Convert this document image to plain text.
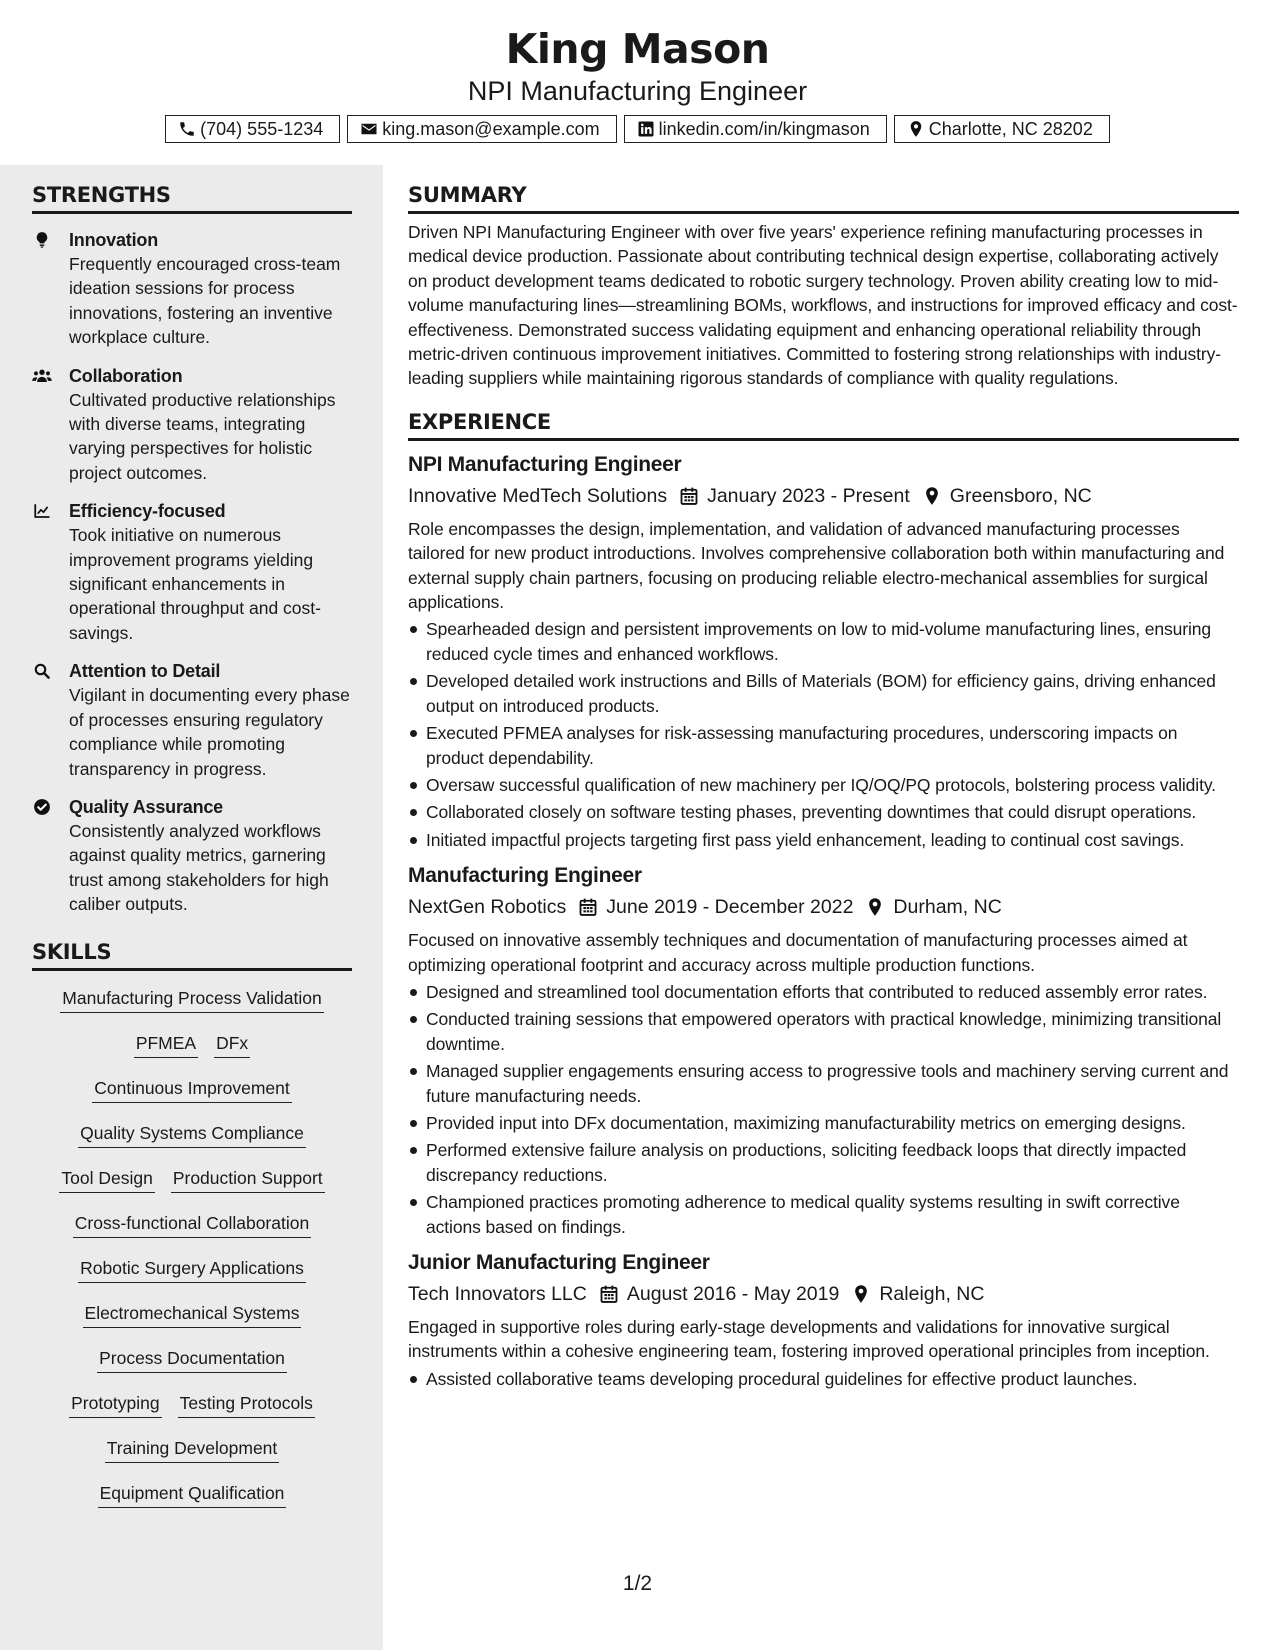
King Mason
NPI Manufacturing Engineer
(704) 555-1234	king.mason@example.com	linkedin.com/in/kingmason	Charlotte, NC 28202
STRENGTHS
Innovation
Frequently encouraged cross-team ideation sessions for process innovations, fostering an inventive workplace culture.
Collaboration
Cultivated productive relationships with diverse teams, integrating varying perspectives for holistic project outcomes.
Efficiency-focused
Took initiative on numerous improvement programs yielding significant enhancements in operational throughput and cost-savings.
Attention to Detail
Vigilant in documenting every phase of processes ensuring regulatory compliance while promoting transparency in progress.
Quality Assurance
Consistently analyzed workflows against quality metrics, garnering trust among stakeholders for high caliber outputs.
SKILLS
Manufacturing Process Validation
PFMEA DFx
Continuous Improvement
Quality Systems Compliance
Tool Design Production Support
Cross-functional Collaboration
Robotic Surgery Applications
Electromechanical Systems
Process Documentation
Prototyping Testing Protocols
Training Development
Equipment Qualification
SUMMARY
Driven NPI Manufacturing Engineer with over five years' experience refining manufacturing processes in medical device production. Passionate about contributing technical design expertise, collaborating actively on product development teams dedicated to robotic surgery technology. Proven ability creating low to mid-volume manufacturing lines—streamlining BOMs, workflows, and instructions for improved efficacy and cost-effectiveness. Demonstrated success validating equipment and enhancing operational reliability through metric-driven continuous improvement initiatives. Committed to fostering strong relationships with industry-leading suppliers while maintaining rigorous standards of compliance with quality regulations.
EXPERIENCE
NPI Manufacturing Engineer
Innovative MedTech Solutions January 2023 - Present Greensboro, NC
Role encompasses the design, implementation, and validation of advanced manufacturing processes tailored for new product introductions. Involves comprehensive collaboration both within manufacturing and external supply chain partners, focusing on producing reliable electro-mechanical assemblies for surgical applications.
Spearheaded design and persistent improvements on low to mid-volume manufacturing lines, ensuring reduced cycle times and enhanced workflows.
Developed detailed work instructions and Bills of Materials (BOM) for efficiency gains, driving enhanced output on introduced products.
Executed PFMEA analyses for risk-assessing manufacturing procedures, underscoring impacts on product dependability.
Oversaw successful qualification of new machinery per IQ/OQ/PQ protocols, bolstering process validity.
Collaborated closely on software testing phases, preventing downtimes that could disrupt operations.
Initiated impactful projects targeting first pass yield enhancement, leading to continual cost savings.
Manufacturing Engineer
NextGen Robotics June 2019 - December 2022 Durham, NC
Focused on innovative assembly techniques and documentation of manufacturing processes aimed at optimizing operational footprint and accuracy across multiple production functions.
Designed and streamlined tool documentation efforts that contributed to reduced assembly error rates.
Conducted training sessions that empowered operators with practical knowledge, minimizing transitional downtime.
Managed supplier engagements ensuring access to progressive tools and machinery serving current and future manufacturing needs.
Provided input into DFx documentation, maximizing manufacturability metrics on emerging designs.
Performed extensive failure analysis on productions, soliciting feedback loops that directly impacted discrepancy reductions.
Championed practices promoting adherence to medical quality systems resulting in swift corrective actions based on findings.
Junior Manufacturing Engineer
Tech Innovators LLC August 2016 - May 2019 Raleigh, NC
Engaged in supportive roles during early-stage developments and validations for innovative surgical instruments within a cohesive engineering team, fostering improved operational principles from inception.
Assisted collaborative teams developing procedural guidelines for effective product launches.
1/2
